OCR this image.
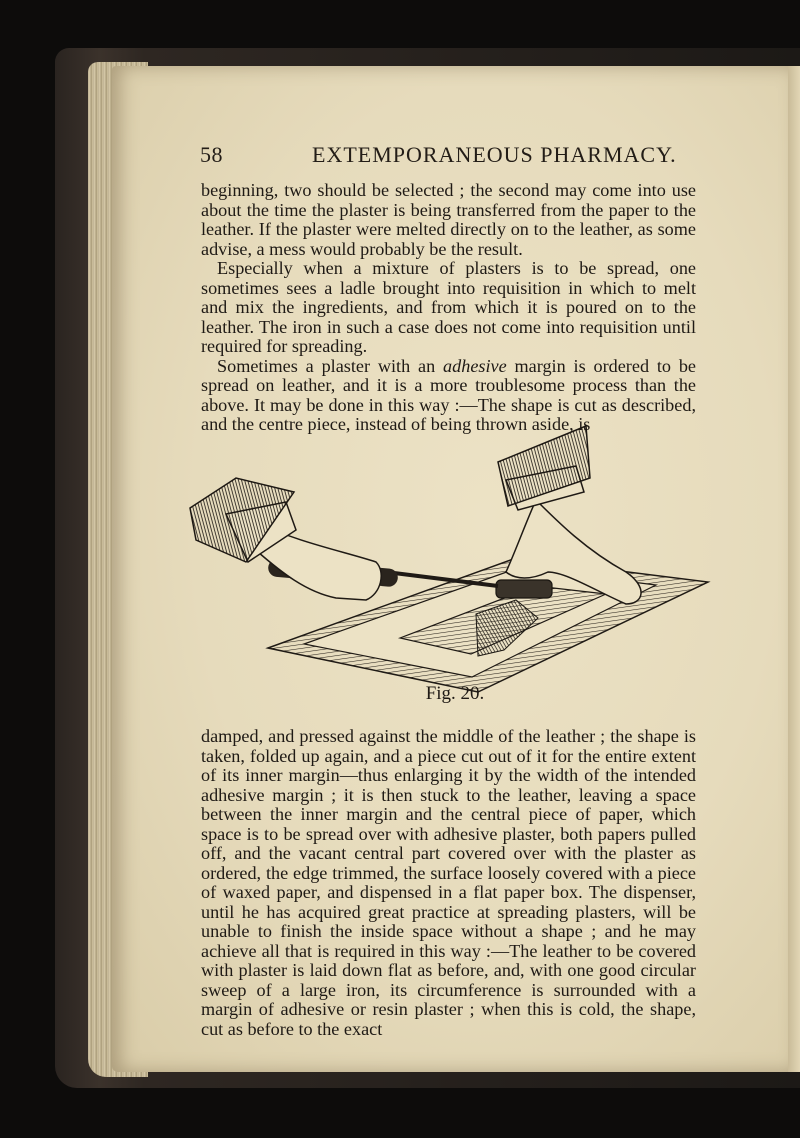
58	EXTEMPORANEOUS PHARMACY.

beginning, two should be selected ; the second may come into use about the time the plaster is being transferred from the paper to the leather. If the plaster were melted directly on to the leather, as some advise, a mess would probably be the result.

Especially when a mixture of plasters is to be spread, one sometimes sees a ladle brought into requisition in which to melt and mix the ingredients, and from which it is poured on to the leather. The iron in such a case does not come into requisition until required for spreading.

Sometimes a plaster with an adhesive margin is ordered to be spread on leather, and it is a more troublesome process than the above. It may be done in this way :—The shape is cut as described, and the centre piece, instead of being thrown aside, is

Fig. 20.

damped, and pressed against the middle of the leather ; the shape is taken, folded up again, and a piece cut out of it for the entire extent of its inner margin—thus enlarging it by the width of the intended adhesive margin ; it is then stuck to the leather, leaving a space between the inner margin and the central piece of paper, which space is to be spread over with adhesive plaster, both papers pulled off, and the vacant central part covered over with the plaster as ordered, the edge trimmed, the surface loosely covered with a piece of waxed paper, and dispensed in a flat paper box. The dispenser, until he has acquired great practice at spreading plasters, will be unable to finish the inside space without a shape ; and he may achieve all that is required in this way :—The leather to be covered with plaster is laid down flat as before, and, with one good circular sweep of a large iron, its circumference is surrounded with a margin of adhesive or resin plaster ; when this is cold, the shape, cut as before to the exact
